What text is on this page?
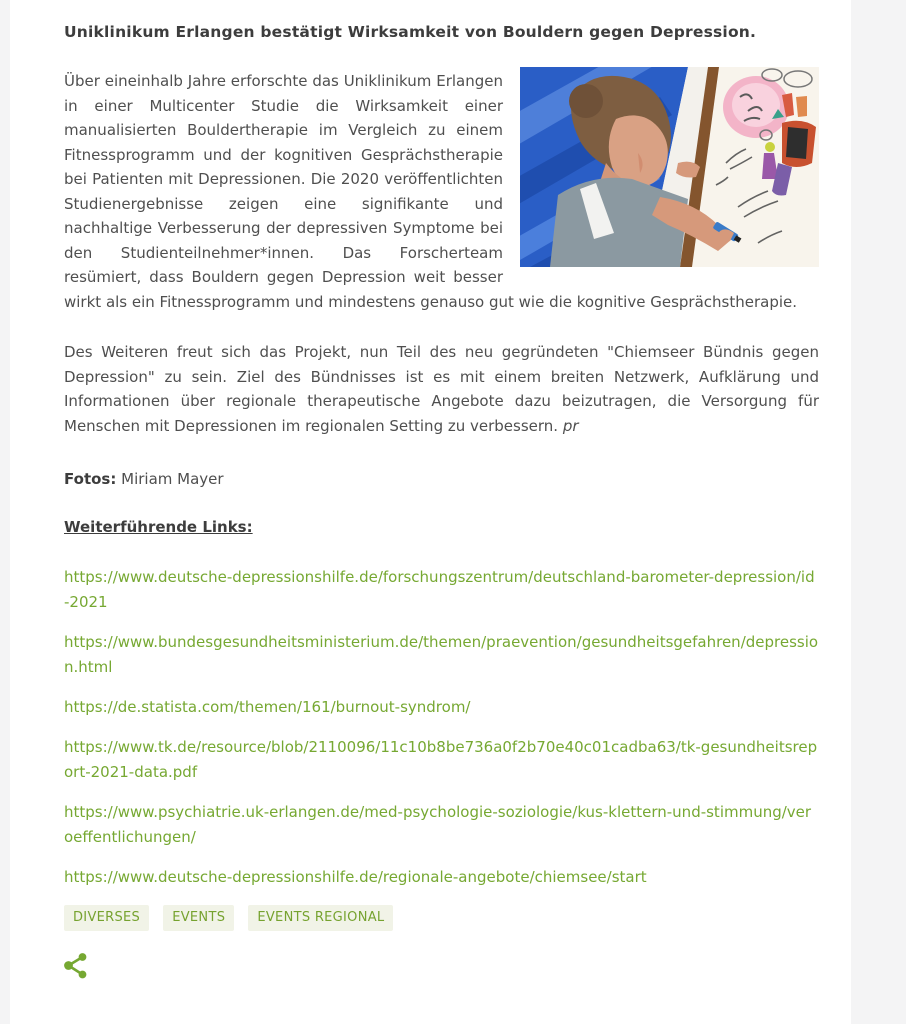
Uniklinikum Erlangen bestätigt Wirksamkeit von Bouldern gegen Depression.

Über eineinhalb Jahre erforschte das Uniklinikum Erlangen in einer Multicenter Studie die Wirksamkeit einer manualisierten Bouldertherapie im Vergleich zu einem Fitnessprogramm und der kognitiven Gesprächstherapie bei Patienten mit Depressionen. Die 2020 veröffentlichten Studienergebnisse zeigen eine signifikante und nachhaltige Verbesserung der depressiven Symptome bei den Studienteilnehmer*innen. Das Forscherteam resümiert, dass Bouldern gegen Depression weit besser wirkt als ein Fitnessprogramm und mindestens genauso gut wie die kognitive Gesprächstherapie.

Des Weiteren freut sich das Projekt, nun Teil des neu gegründeten "Chiemseer Bündnis gegen Depression" zu sein. Ziel des Bündnisses ist es mit einem breiten Netzwerk, Aufklärung und Informationen über regionale therapeutische Angebote dazu beizutragen, die Versorgung für Menschen mit Depressionen im regionalen Setting zu verbessern. pr

Fotos: Miriam Mayer

Weiterführende Links:

https://www.deutsche-depressionshilfe.de/forschungszentrum/deutschland-barometer-depression/id-2021

https://www.bundesgesundheitsministerium.de/themen/praevention/gesundheitsgefahren/depression.html

https://de.statista.com/themen/161/burnout-syndrom/

https://www.tk.de/resource/blob/2110096/11c10b8be736a0f2b70e40c01cadba63/tk-gesundheitsreport-2021-data.pdf

https://www.psychiatrie.uk-erlangen.de/med-psychologie-soziologie/kus-klettern-und-stimmung/veroeffentlichungen/

https://www.deutsche-depressionshilfe.de/regionale-angebote/chiemsee/start

DIVERSES EVENTS EVENTS REGIONAL
